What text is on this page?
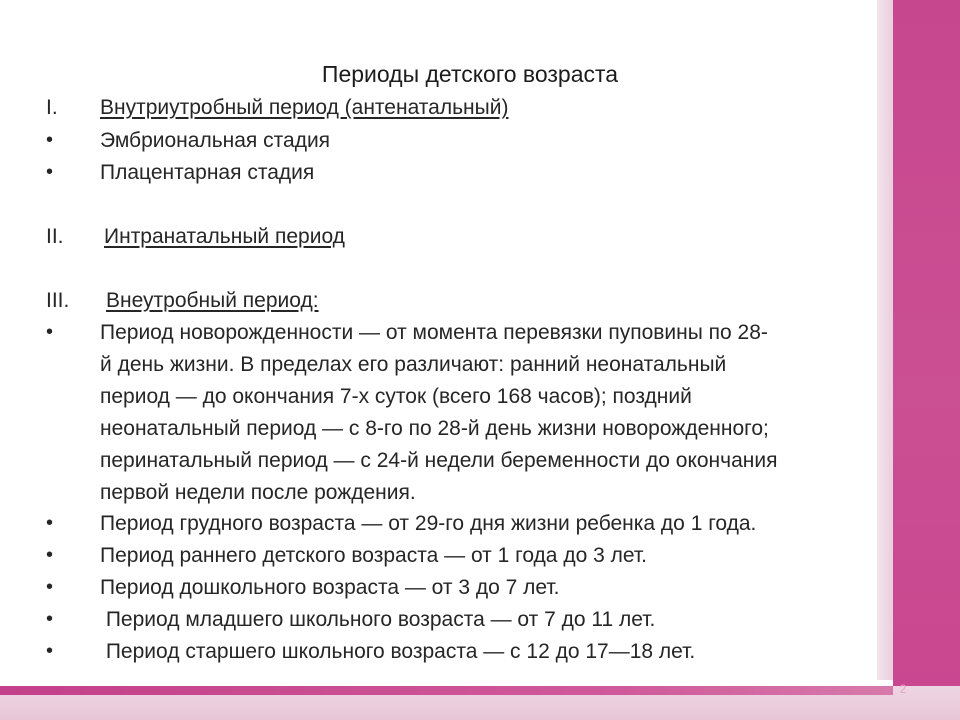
2
Периоды детского возраста
I. Внутриутробный период (антенатальный)
• Эмбриональная стадия
• Плацентарная стадия
II. Интранатальный период
III. Внеутробный период:
• Период новорожденности — от момента перевязки пуповины по 28-
й день жизни. В пределах его различают: ранний неонатальный
период — до окончания 7-х суток (всего 168 часов); поздний
неонатальный период — с 8-го по 28-й день жизни новорожденного;
перинатальный период — с 24-й недели беременности до окончания
первой недели после рождения.
• Период грудного возраста — от 29-го дня жизни ребенка до 1 года.
• Период раннего детского возраста — от 1 года до 3 лет.
• Период дошкольного возраста — от 3 до 7 лет.
• Период младшего школьного возраста — от 7 до 11 лет.
• Период старшего школьного возраста — с 12 до 17—18 лет.
